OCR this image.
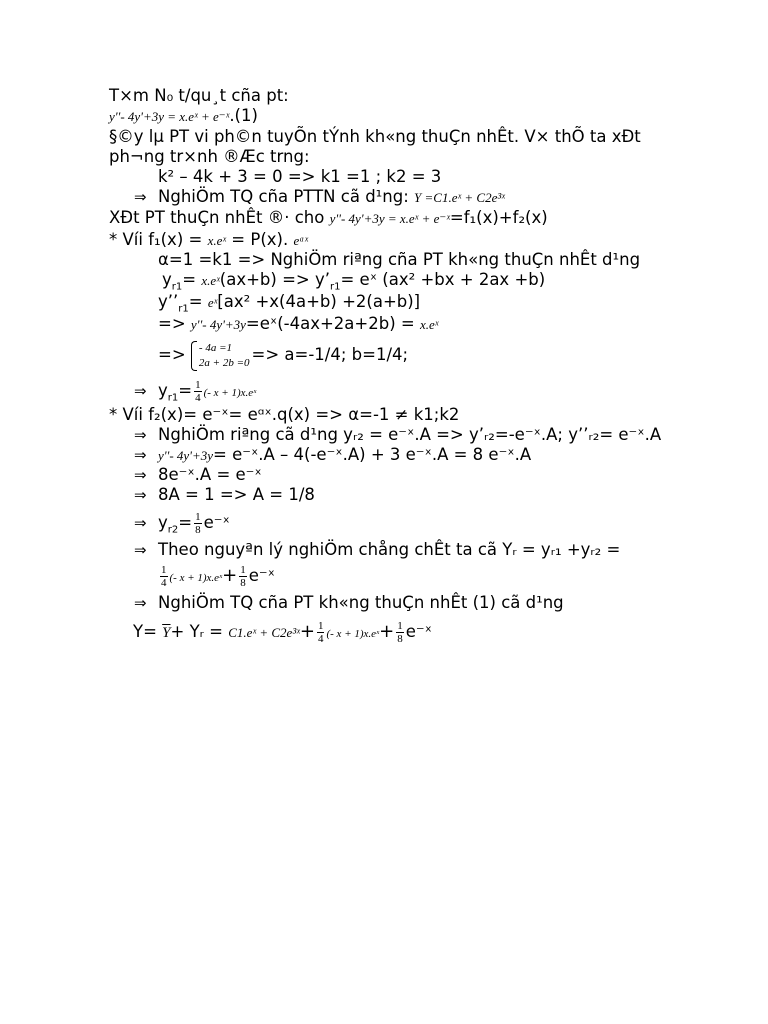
T×m N₀ t/qu¸t cña pt:
y''- 4y'+3y = x.eˣ + e⁻ˣ.(1)
§©y lµ PT vi ph©n tuyÕn tÝnh kh«ng thuÇn nhÊt. V× thÕ ta xÐt
ph¬ng tr×nh ®Æc trng:
k² – 4k + 3 = 0 => k1 =1 ; k2 = 3
⇒ NghiÖm TQ cña PTTN cã d¹ng: Y =C1.eˣ + C2e³ˣ
XÐt PT thuÇn nhÊt ®· cho y''- 4y'+3y = x.eˣ + e⁻ˣ=f₁(x)+f₂(x)
* Víi f₁(x) = x.eˣ = P(x). eᵅˣ
α=1 =k1 => NghiÖm riªng cña PT kh«ng thuÇn nhÊt d¹ng
$y_{r1}=$ x.eˣ(ax+b) => $y’_{r1}=$ eˣ (ax² +bx + 2ax +b)
$y’’_{r1}=$ eˣ[ax² +x(4a+b) +2(a+b)]
=> y''- 4y'+3y=eˣ(-4ax+2a+2b) = x.eˣ
=> - 4a =1
2a + 2b =0 => a=-1/4; b=1/4;
⇒ $y_{r1}= \frac{1}{4}$ (- x + 1)x.eˣ
* Víi f₂(x)= e⁻ˣ= eᵅˣ.q(x) => α=-1 ≠ k1;k2
⇒ NghiÖm riªng cã d¹ng yᵣ₂ = e⁻ˣ.A => y’ᵣ₂=-e⁻ˣ.A; y’’ᵣ₂= e⁻ˣ.A
⇒ y''- 4y'+3y= e⁻ˣ.A – 4(-e⁻ˣ.A) + 3 e⁻ˣ.A = 8 e⁻ˣ.A
⇒ 8e⁻ˣ.A = e⁻ˣ
⇒ 8A = 1 => A = 1/8
⇒ $y_{r2}= \frac{1}{8}$ e⁻ˣ
⇒ Theo nguyªn lý nghiÖm chång chÊt ta cã Yᵣ = yᵣ₁ +yᵣ₂ =
$\frac{1}{4}$ (- x + 1)x.eˣ+ $\frac{1}{8}$ e⁻ˣ
⇒ NghiÖm TQ cña PT kh«ng thuÇn nhÊt (1) cã d¹ng
$Y= \overline{Y}+$ Yᵣ = C1.eˣ + C2e³ˣ+ $\frac{1}{4}$ (- x + 1)x.eˣ+ $\frac{1}{8}$ e⁻ˣ
